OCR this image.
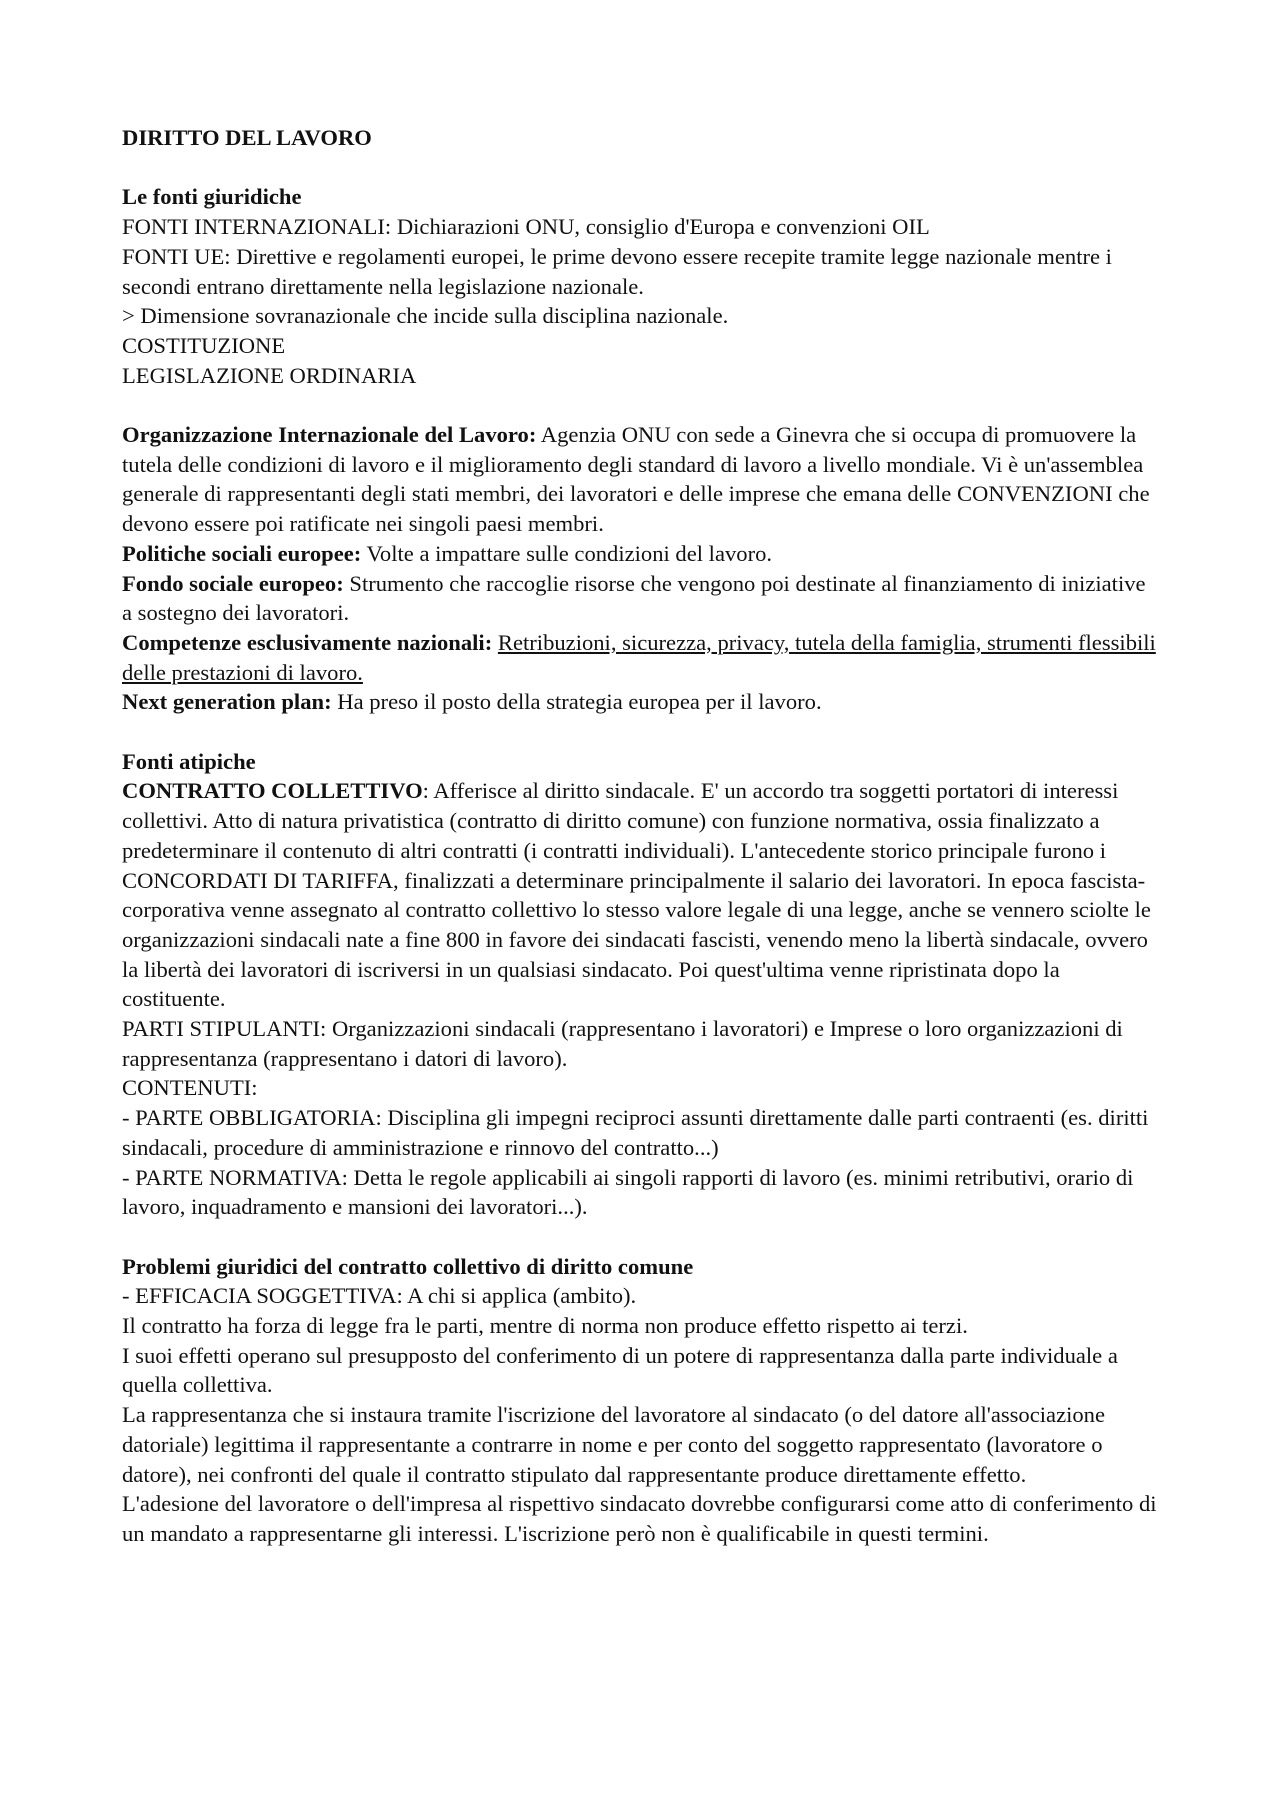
DIRITTO DEL LAVORO

Le fonti giuridiche

FONTI INTERNAZIONALI: Dichiarazioni ONU, consiglio d'Europa e convenzioni OIL

FONTI UE: Direttive e regolamenti europei, le prime devono essere recepite tramite legge nazionale mentre i secondi entrano direttamente nella legislazione nazionale.

> Dimensione sovranazionale che incide sulla disciplina nazionale.

COSTITUZIONE

LEGISLAZIONE ORDINARIA

Organizzazione Internazionale del Lavoro: Agenzia ONU con sede a Ginevra che si occupa di promuovere la tutela delle condizioni di lavoro e il miglioramento degli standard di lavoro a livello mondiale. Vi è un'assemblea generale di rappresentanti degli stati membri, dei lavoratori e delle imprese che emana delle CONVENZIONI che devono essere poi ratificate nei singoli paesi membri.

Politiche sociali europee: Volte a impattare sulle condizioni del lavoro.

Fondo sociale europeo: Strumento che raccoglie risorse che vengono poi destinate al finanziamento di iniziative a sostegno dei lavoratori.

Competenze esclusivamente nazionali: Retribuzioni, sicurezza, privacy, tutela della famiglia, strumenti flessibili delle prestazioni di lavoro.

Next generation plan: Ha preso il posto della strategia europea per il lavoro.

Fonti atipiche

CONTRATTO COLLETTIVO: Afferisce al diritto sindacale. E' un accordo tra soggetti portatori di interessi collettivi. Atto di natura privatistica (contratto di diritto comune) con funzione normativa, ossia finalizzato a predeterminare il contenuto di altri contratti (i contratti individuali). L'antecedente storico principale furono i CONCORDATI DI TARIFFA, finalizzati a determinare principalmente il salario dei lavoratori. In epoca fascista-corporativa venne assegnato al contratto collettivo lo stesso valore legale di una legge, anche se vennero sciolte le organizzazioni sindacali nate a fine 800 in favore dei sindacati fascisti, venendo meno la libertà sindacale, ovvero la libertà dei lavoratori di iscriversi in un qualsiasi sindacato. Poi quest'ultima venne ripristinata dopo la costituente.

PARTI STIPULANTI: Organizzazioni sindacali (rappresentano i lavoratori) e Imprese o loro organizzazioni di rappresentanza (rappresentano i datori di lavoro).

CONTENUTI:

- PARTE OBBLIGATORIA: Disciplina gli impegni reciproci assunti direttamente dalle parti contraenti (es. diritti sindacali, procedure di amministrazione e rinnovo del contratto...)

- PARTE NORMATIVA: Detta le regole applicabili ai singoli rapporti di lavoro (es. minimi retributivi, orario di lavoro, inquadramento e mansioni dei lavoratori...).

Problemi giuridici del contratto collettivo di diritto comune

- EFFICACIA SOGGETTIVA: A chi si applica (ambito).

Il contratto ha forza di legge fra le parti, mentre di norma non produce effetto rispetto ai terzi.

I suoi effetti operano sul presupposto del conferimento di un potere di rappresentanza dalla parte individuale a quella collettiva.

La rappresentanza che si instaura tramite l'iscrizione del lavoratore al sindacato (o del datore all'associazione datoriale) legittima il rappresentante a contrarre in nome e per conto del soggetto rappresentato (lavoratore o datore), nei confronti del quale il contratto stipulato dal rappresentante produce direttamente effetto.

L'adesione del lavoratore o dell'impresa al rispettivo sindacato dovrebbe configurarsi come atto di conferimento di un mandato a rappresentarne gli interessi. L'iscrizione però non è qualificabile in questi termini.
